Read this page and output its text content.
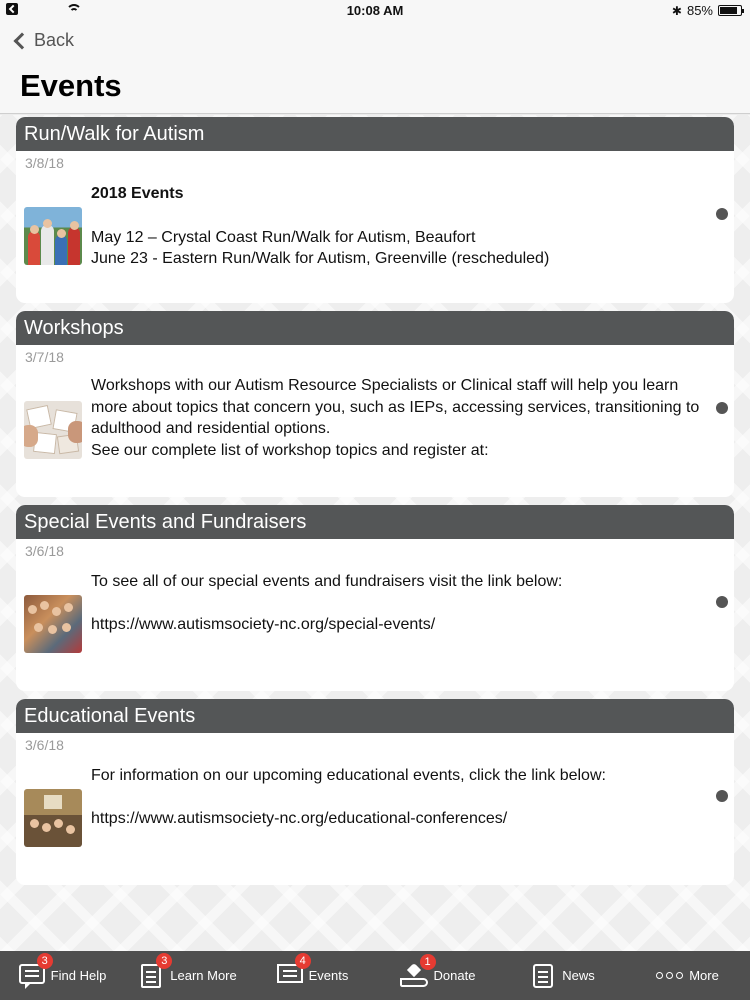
10:08 AM	✱ 85%
Back
Events
Run/Walk for Autism
3/8/18

2018 Events

May 12 – Crystal Coast Run/Walk for Autism, Beaufort

June 23 - Eastern Run/Walk for Autism, Greenville (rescheduled)

Workshops
3/7/18

Workshops with our Autism Resource Specialists or Clinical staff will help you learn more about topics that concern you, such as IEPs, accessing services, transitioning to adulthood and residential options.

See our complete list of workshop topics and register at:

Special Events and Fundraisers
3/6/18

To see all of our special events and fundraisers visit the link below:

https://www.autismsociety-nc.org/special-events/

Educational Events
3/6/18

For information on our upcoming educational events, click the link below:

https://www.autismsociety-nc.org/educational-conferences/

3
Find Help
3
Learn More
4
Events
1
Donate	News	More
